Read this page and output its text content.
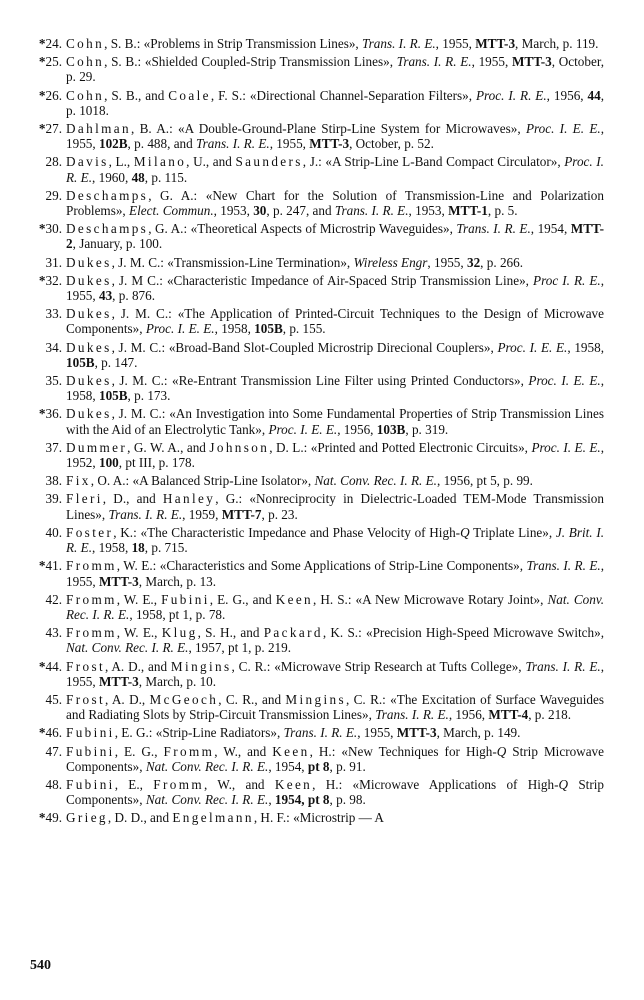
*24. Cohn, S. B.: «Problems in Strip Transmission Lines», Trans. I. R. E., 1955, MTT-3, March, p. 119.
*25. Cohn, S. B.: «Shielded Coupled-Strip Transmission Lines», Trans. I. R. E., 1955, MTT-3, October, p. 29.
*26. Cohn, S. B., and Coale, F. S.: «Directional Channel-Separation Filters», Proc. I. R. E., 1956, 44, p. 1018.
*27. Dahlman, B. A.: «A Double-Ground-Plane Stirp-Line System for Microwaves», Proc. I. E. E., 1955, 102B, p. 488, and Trans. I. R. E., 1955, MTT-3, October, p. 52.
28. Davis, L., Milano, U., and Saunders, J.: «A Strip-Line L-Band Compact Circulator», Proc. I. R. E., 1960, 48, p. 115.
29. Deschamps, G. A.: «New Chart for the Solution of Transmission-Line and Polarization Problems», Elect. Commun., 1953, 30, p. 247, and Trans. I. R. E., 1953, MTT-1, p. 5.
*30. Deschamps, G. A.: «Theoretical Aspects of Microstrip Waveguides», Trans. I. R. E., 1954, MTT-2, January, p. 100.
31. Dukes, J. M. C.: «Transmission-Line Termination», Wireless Engr, 1955, 32, p. 266.
*32. Dukes, J. M C.: «Characteristic Impedance of Air-Spaced Strip Transmission Line», Proc I. R. E., 1955, 43, p. 876.
33. Dukes, J. M. C.: «The Application of Printed-Circuit Techniques to the Design of Microwave Components», Proc. I. E. E., 1958, 105B, p. 155.
34. Dukes, J. M. C.: «Broad-Band Slot-Coupled Microstrip Direcional Couplers», Proc. I. E. E., 1958, 105B, p. 147.
35. Dukes, J. M. C.: «Re-Entrant Transmission Line Filter using Printed Conductors», Proc. I. E. E., 1958, 105B, p. 173.
*36. Dukes, J. M. C.: «An Investigation into Some Fundamental Properties of Strip Transmission Lines with the Aid of an Electrolytic Tank», Proc. I. E. E., 1956, 103B, p. 319.
37. Dummer, G. W. A., and Johnson, D. L.: «Printed and Potted Electronic Circuits», Proc. I. E. E., 1952, 100, pt III, p. 178.
38. Fix, O. A.: «A Balanced Strip-Line Isolator», Nat. Conv. Rec. I. R. E., 1956, pt 5, p. 99.
39. Fleri, D., and Hanley, G.: «Nonreciprocity in Dielectric-Loaded TEM-Mode Transmission Lines», Trans. I. R. E., 1959, MTT-7, p. 23.
40. Foster, K.: «The Characteristic Impedance and Phase Velocity of High-Q Triplate Line», J. Brit. I. R. E., 1958, 18, p. 715.
*41. Fromm, W. E.: «Characteristics and Some Applications of Strip-Line Components», Trans. I. R. E., 1955, MTT-3, March, p. 13.
42. Fromm, W. E., Fubini, E. G., and Keen, H. S.: «A New Microwave Rotary Joint», Nat. Conv. Rec. I. R. E., 1958, pt 1, p. 78.
43. Fromm, W. E., Klug, S. H., and Packard, K. S.: «Precision High-Speed Microwave Switch», Nat. Conv. Rec. I. R. E., 1957, pt 1, p. 219.
*44. Frost, A. D., and Mingins, C. R.: «Microwave Strip Research at Tufts College», Trans. I. R. E., 1955, MTT-3, March, p. 10.
45. Frost, A. D., McGeoch, C. R., and Mingins, C. R.: «The Excitation of Surface Waveguides and Radiating Slots by Strip-Circuit Transmission Lines», Trans. I. R. E., 1956, MTT-4, p. 218.
*46. Fubini, E. G.: «Strip-Line Radiators», Trans. I. R. E., 1955, MTT-3, March, p. 149.
47. Fubini, E. G., Fromm, W., and Keen, H.: «New Techniques for High-Q Strip Microwave Components», Nat. Conv. Rec. I. R. E., 1954, pt 8, p. 91.
48. Fubini, E., Fromm, W., and Keen, H.: «Microwave Applications of High-Q Strip Components», Nat. Conv. Rec. I. R. E., 1954, pt 8, p. 98.
*49. Grieg, D. D., and Engelmann, H. F.: «Microstrip — A
540
